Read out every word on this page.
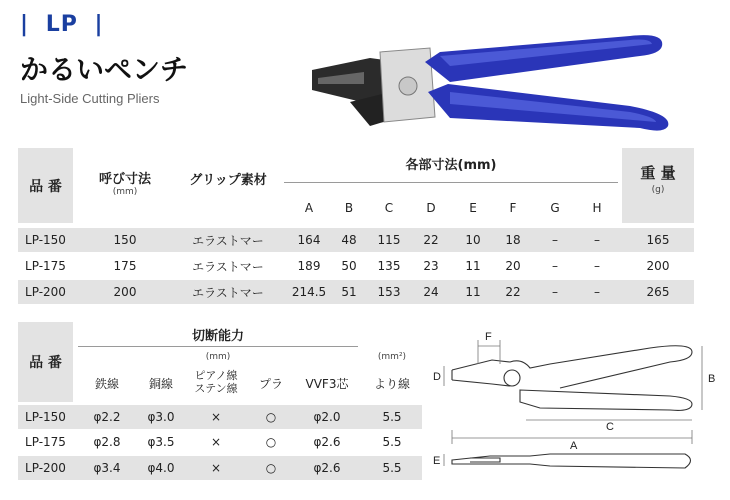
| LP |
かるいペンチ
Light-Side Cutting Pliers
品 番	呼び寸法
(mm)
グリップ素材
各部寸法(mm)	重 量
(g)
A	B	C	D	E	F	G	H
LP-150	150	エラストマー	164	48	115	22	10	18	–	–	165
LP-175	175	エラストマー	189	50	135	23	11	20	–	–	200
LP-200	200	エラストマー	214.5	51	153	24	11	22	–	–	265
品 番
切断能力
(mm)	(mm²)
鉄線	銅線
ピアノ線
ステン線	プラ	VVF3芯	より線
LP-150	φ2.2	φ3.0	×	○	φ2.0	5.5
LP-175	φ2.8	φ3.5	×	○	φ2.6	5.5
LP-200	φ3.4	φ4.0	×	○	φ2.6	5.5
F
D	B
C
A
E
